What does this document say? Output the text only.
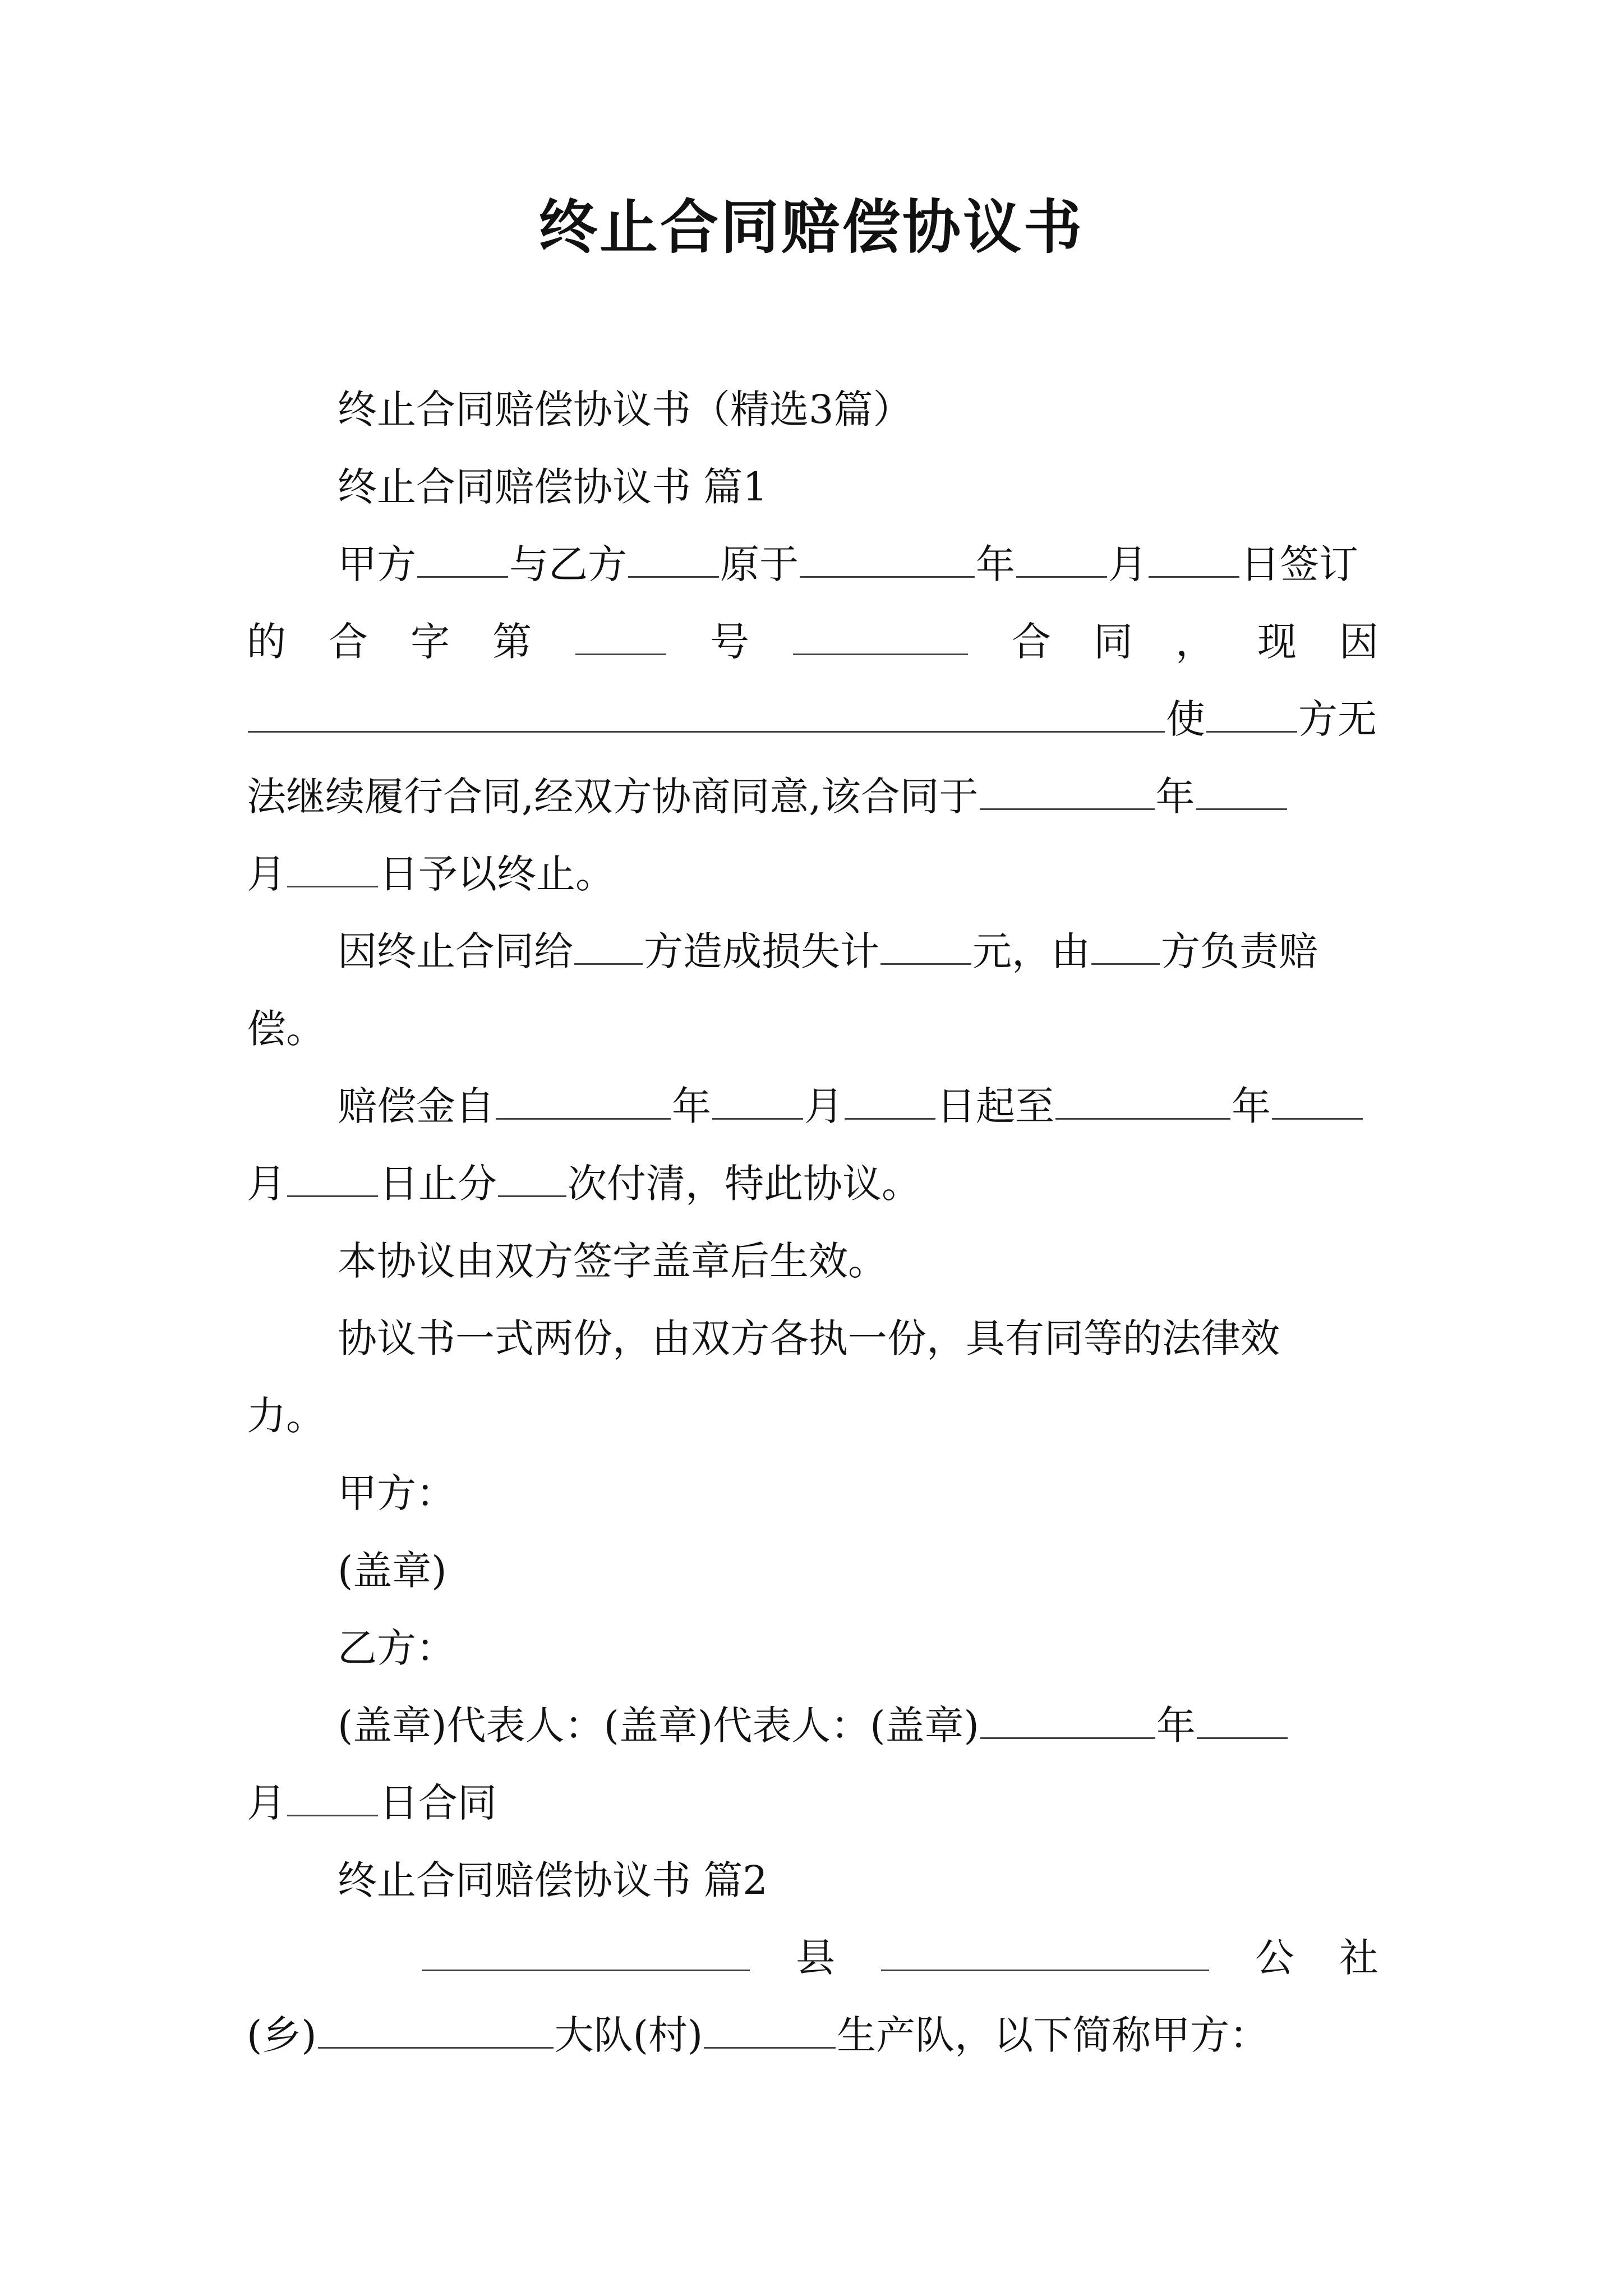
终止合同赔偿协议书
终止合同赔偿协议书（精选3篇）
终止合同赔偿协议书 篇1
甲方 与乙方 原于	年 月 日签订
的 合 字 第	号	合 同 ， 现 因
使 方无
法继续履行合同,经双方协商同意,该合同于	年
月 日予以终止。
因终止合同给 方造成损失计 元，由 方负责赔
偿。
赔偿金自	年 月 日起至	年
月 日止分 次付清，特此协议。
本协议由双方签字盖章后生效。
协议书一式两份，由双方各执一份，具有同等的法律效
力。
甲方：
(盖章)
乙方：
(盖章)代表人：(盖章)代表人：(盖章)	年
月 日合同
终止合同赔偿协议书 篇2
县	公 社
(乡)	大队(村)	生产队，以下简称甲方：
